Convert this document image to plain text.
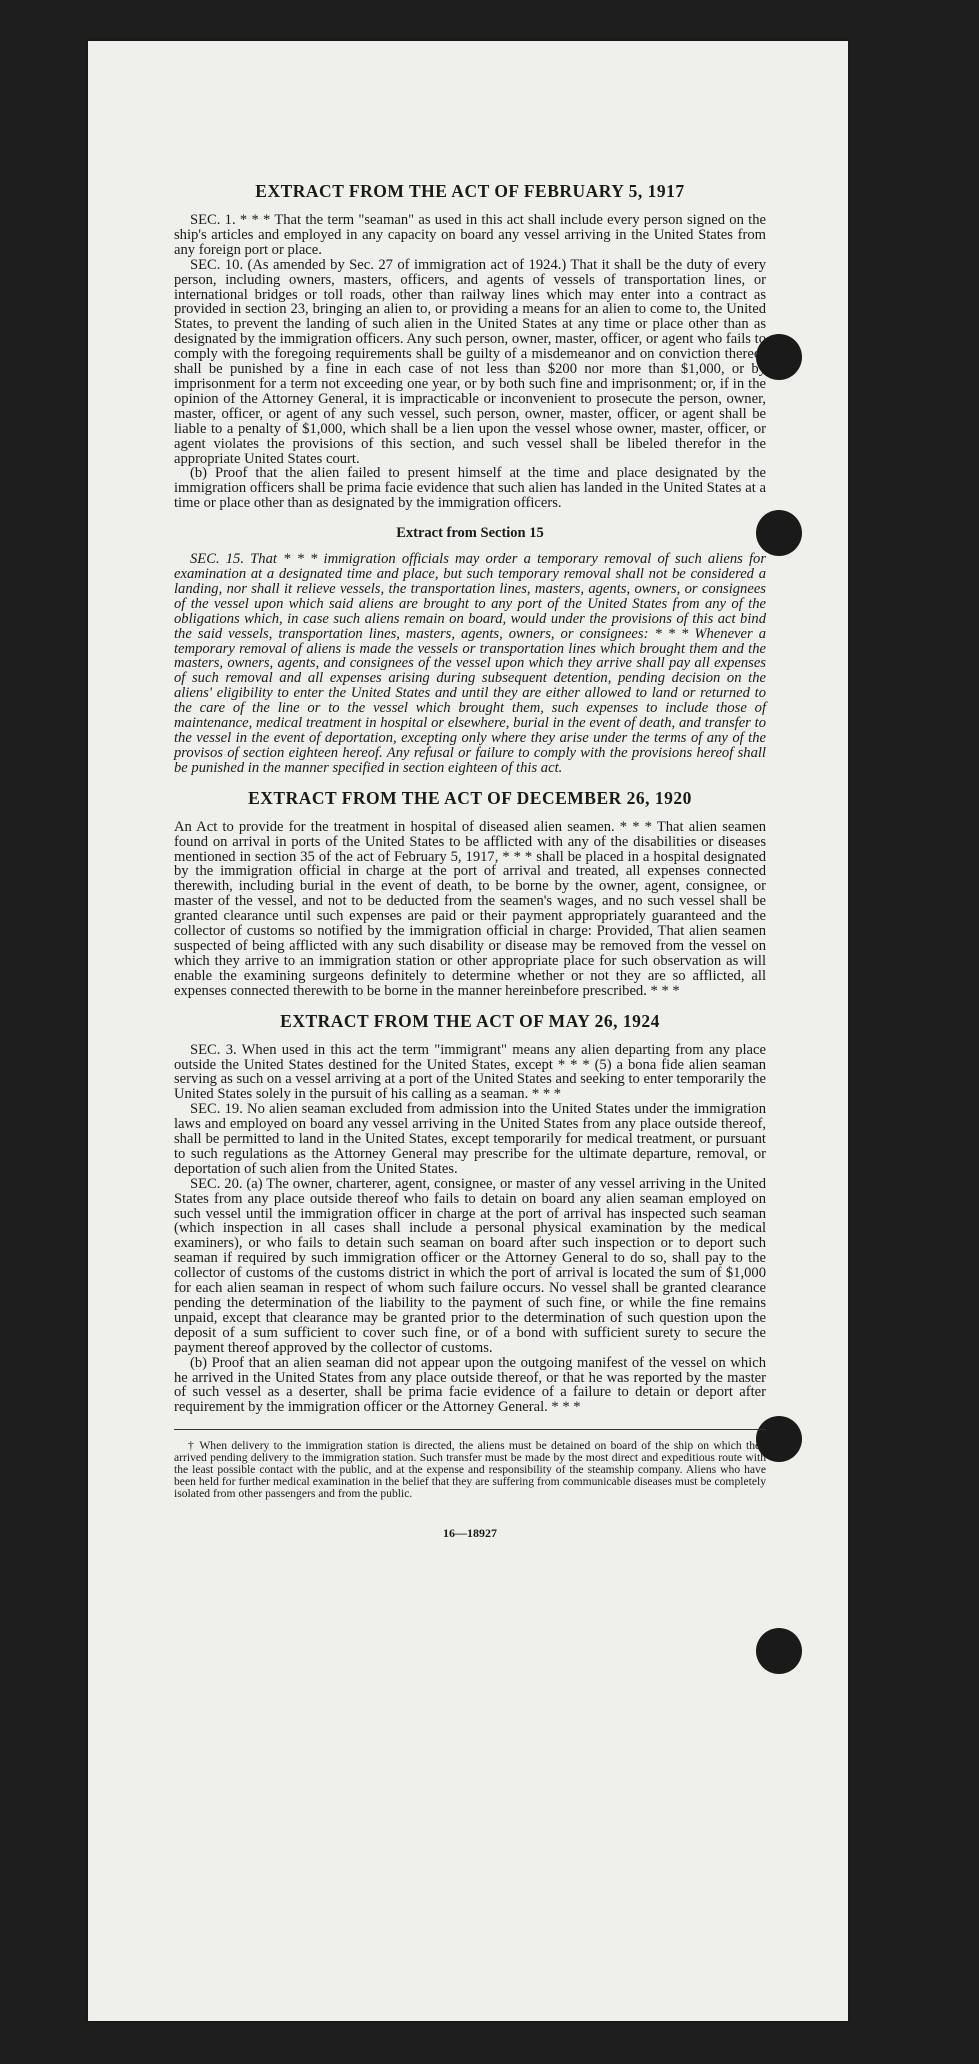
EXTRACT FROM THE ACT OF FEBRUARY 5, 1917

SEC. 1. * * * That the term "seaman" as used in this act shall include every person signed on the ship's articles and employed in any capacity on board any vessel arriving in the United States from any foreign port or place.

SEC. 10. (As amended by Sec. 27 of immigration act of 1924.) That it shall be the duty of every person, including owners, masters, officers, and agents of vessels of transportation lines, or international bridges or toll roads, other than railway lines which may enter into a contract as provided in section 23, bringing an alien to, or providing a means for an alien to come to, the United States, to prevent the landing of such alien in the United States at any time or place other than as designated by the immigration officers. Any such person, owner, master, officer, or agent who fails to comply with the foregoing requirements shall be guilty of a misdemeanor and on conviction thereof shall be punished by a fine in each case of not less than $200 nor more than $1,000, or by imprisonment for a term not exceeding one year, or by both such fine and imprisonment; or, if in the opinion of the Attorney General, it is impracticable or inconvenient to prosecute the person, owner, master, officer, or agent of any such vessel, such person, owner, master, officer, or agent shall be liable to a penalty of $1,000, which shall be a lien upon the vessel whose owner, master, officer, or agent violates the provisions of this section, and such vessel shall be libeled therefor in the appropriate United States court.

(b) Proof that the alien failed to present himself at the time and place designated by the immigration officers shall be prima facie evidence that such alien has landed in the United States at a time or place other than as designated by the immigration officers.

Extract from Section 15

SEC. 15. That * * * immigration officials may order a temporary removal of such aliens for examination at a designated time and place, but such temporary removal shall not be considered a landing, nor shall it relieve vessels, the transportation lines, masters, agents, owners, or consignees of the vessel upon which said aliens are brought to any port of the United States from any of the obligations which, in case such aliens remain on board, would under the provisions of this act bind the said vessels, transportation lines, masters, agents, owners, or consignees: * * * Whenever a temporary removal of aliens is made the vessels or transportation lines which brought them and the masters, owners, agents, and consignees of the vessel upon which they arrive shall pay all expenses of such removal and all expenses arising during subsequent detention, pending decision on the aliens' eligibility to enter the United States and until they are either allowed to land or returned to the care of the line or to the vessel which brought them, such expenses to include those of maintenance, medical treatment in hospital or elsewhere, burial in the event of death, and transfer to the vessel in the event of deportation, excepting only where they arise under the terms of any of the provisos of section eighteen hereof. Any refusal or failure to comply with the provisions hereof shall be punished in the manner specified in section eighteen of this act.

EXTRACT FROM THE ACT OF DECEMBER 26, 1920

An Act to provide for the treatment in hospital of diseased alien seamen. * * * That alien seamen found on arrival in ports of the United States to be afflicted with any of the disabilities or diseases mentioned in section 35 of the act of February 5, 1917, * * * shall be placed in a hospital designated by the immigration official in charge at the port of arrival and treated, all expenses connected therewith, including burial in the event of death, to be borne by the owner, agent, consignee, or master of the vessel, and not to be deducted from the seamen's wages, and no such vessel shall be granted clearance until such expenses are paid or their payment appropriately guaranteed and the collector of customs so notified by the immigration official in charge: Provided, That alien seamen suspected of being afflicted with any such disability or disease may be removed from the vessel on which they arrive to an immigration station or other appropriate place for such observation as will enable the examining surgeons definitely to determine whether or not they are so afflicted, all expenses connected therewith to be borne in the manner hereinbefore prescribed. * * *

EXTRACT FROM THE ACT OF MAY 26, 1924

SEC. 3. When used in this act the term "immigrant" means any alien departing from any place outside the United States destined for the United States, except * * * (5) a bona fide alien seaman serving as such on a vessel arriving at a port of the United States and seeking to enter temporarily the United States solely in the pursuit of his calling as a seaman. * * *

SEC. 19. No alien seaman excluded from admission into the United States under the immigration laws and employed on board any vessel arriving in the United States from any place outside thereof, shall be permitted to land in the United States, except temporarily for medical treatment, or pursuant to such regulations as the Attorney General may prescribe for the ultimate departure, removal, or deportation of such alien from the United States.

SEC. 20. (a) The owner, charterer, agent, consignee, or master of any vessel arriving in the United States from any place outside thereof who fails to detain on board any alien seaman employed on such vessel until the immigration officer in charge at the port of arrival has inspected such seaman (which inspection in all cases shall include a personal physical examination by the medical examiners), or who fails to detain such seaman on board after such inspection or to deport such seaman if required by such immigration officer or the Attorney General to do so, shall pay to the collector of customs of the customs district in which the port of arrival is located the sum of $1,000 for each alien seaman in respect of whom such failure occurs. No vessel shall be granted clearance pending the determination of the liability to the payment of such fine, or while the fine remains unpaid, except that clearance may be granted prior to the determination of such question upon the deposit of a sum sufficient to cover such fine, or of a bond with sufficient surety to secure the payment thereof approved by the collector of customs.

(b) Proof that an alien seaman did not appear upon the outgoing manifest of the vessel on which he arrived in the United States from any place outside thereof, or that he was reported by the master of such vessel as a deserter, shall be prima facie evidence of a failure to detain or deport after requirement by the immigration officer or the Attorney General. * * *

† When delivery to the immigration station is directed, the aliens must be detained on board of the ship on which they arrived pending delivery to the immigration station. Such transfer must be made by the most direct and expeditious route with the least possible contact with the public, and at the expense and responsibility of the steamship company. Aliens who have been held for further medical examination in the belief that they are suffering from communicable diseases must be completely isolated from other passengers and from the public.

16—18927
